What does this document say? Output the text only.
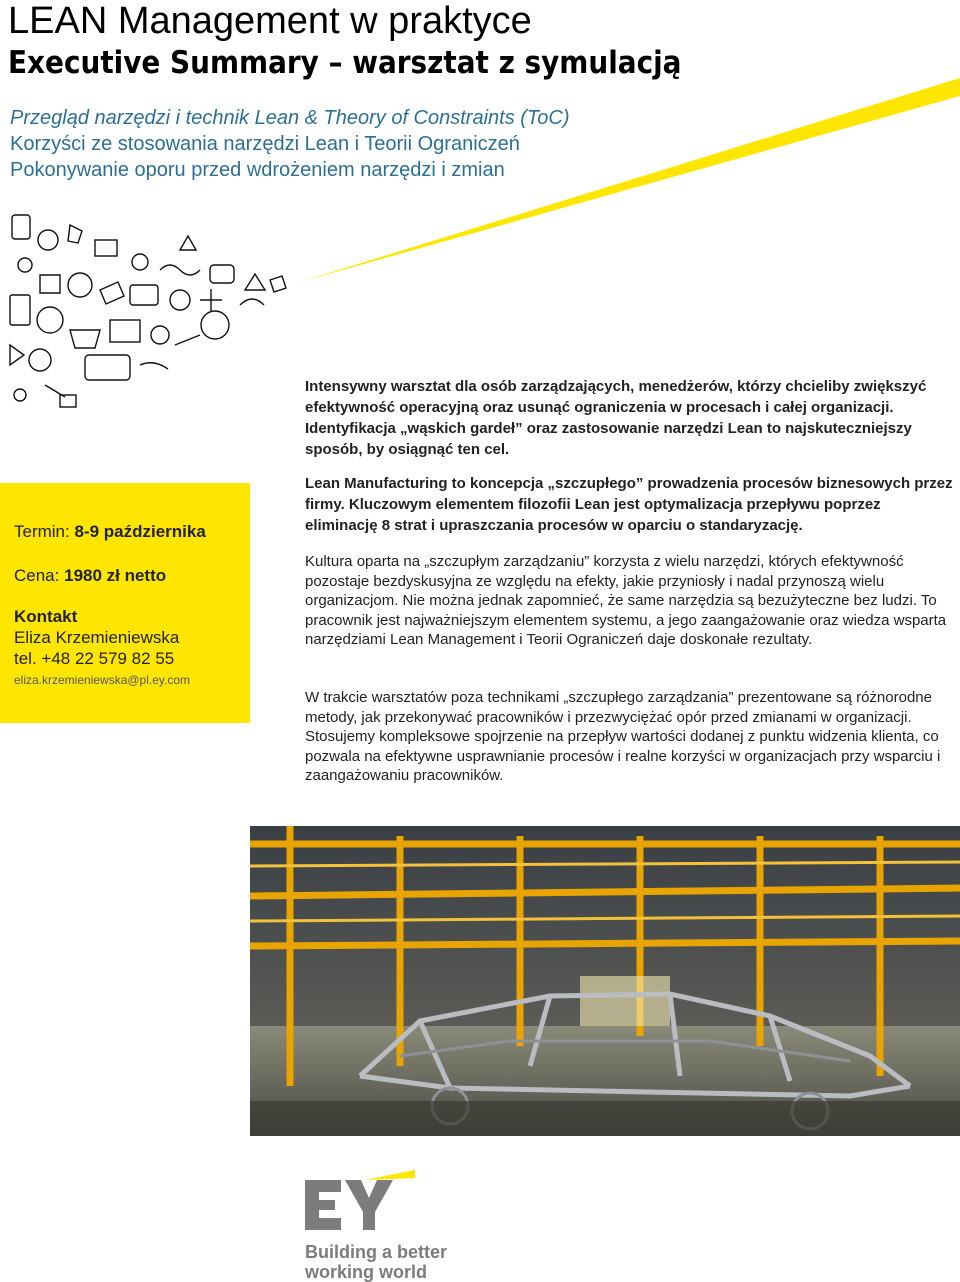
LEAN Management w praktyce
Executive Summary – warsztat z symulacją
Przegląd narzędzi i technik Lean & Theory of Constraints (ToC)
Korzyści ze stosowania narzędzi Lean i Teorii Ograniczeń
Pokonywanie oporu przed wdrożeniem narzędzi i zmian
Intensywny warsztat dla osób zarządzających, menedżerów, którzy chcieliby zwiększyć efektywność operacyjną oraz usunąć ograniczenia w procesach i całej organizacji. Identyfikacja „wąskich gardeł” oraz zastosowanie narzędzi Lean to najskuteczniejszy sposób, by osiągnąć ten cel.
Lean Manufacturing to koncepcja „szczupłego” prowadzenia procesów biznesowych przez firmy. Kluczowym elementem filozofii Lean jest optymalizacja przepływu poprzez eliminację 8 strat i upraszczania procesów w oparciu o standaryzację.
Kultura oparta na „szczupłym zarządzaniu” korzysta z wielu narzędzi, których efektywność pozostaje bezdyskusyjna ze względu na efekty, jakie przyniosły i nadal przynoszą wielu organizacjom. Nie można jednak zapomnieć, że same narzędzia są bezużyteczne bez ludzi. To pracownik jest najważniejszym elementem systemu, a jego zaangażowanie oraz wiedza wsparta narzędziami Lean Management i Teorii Ograniczeń daje doskonałe rezultaty.
W trakcie warsztatów poza technikami „szczupłego zarządzania” prezentowane są różnorodne metody, jak przekonywać pracowników i przezwyciężać opór przed zmianami w organizacji. Stosujemy kompleksowe spojrzenie na przepływ wartości dodanej z punktu widzenia klienta, co pozwala na efektywne usprawnianie procesów i realne korzyści w organizacjach przy wsparciu i zaangażowaniu pracowników.
Termin: 8-9 października
Cena: 1980 zł netto
Kontakt
Eliza Krzemieniewska
tel. +48 22 579 82 55
eliza.krzemieniewska@pl.ey.com
Building a better
working world
